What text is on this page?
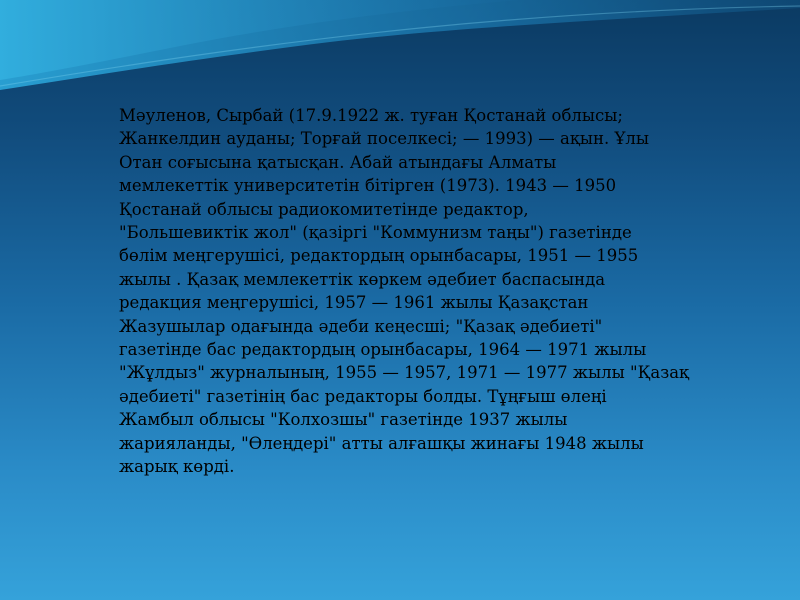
Мәуленов, Сырбай (17.9.1922 ж. туған Қостанай облысы;
Жанкелдин ауданы; Торғай поселкесі; — 1993) — ақын. Ұлы
Отан соғысына қатысқан. Абай атындағы Алматы
мемлекеттік университетін бітірген (1973). 1943 — 1950
Қостанай облысы радиокомитетінде редактор,
"Большевиктік жол" (қазіргі "Коммунизм таңы") газетінде
бөлім меңгерушісі, редактордың орынбасары, 1951 — 1955
жылы . Қазақ мемлекеттік көркем әдебиет баспасында
редакция меңгерушісі, 1957 — 1961 жылы Қазақстан
Жазушылар одағында әдеби кеңесші; "Қазақ әдебиеті"
газетінде бас редактордың орынбасары, 1964 — 1971 жылы
"Жұлдыз" журналының, 1955 — 1957, 1971 — 1977 жылы "Қазақ
әдебиеті" газетінің бас редакторы болды. Тұңғыш өлеңі
Жамбыл облысы "Колхозшы" газетінде 1937 жылы
жарияланды, "Өлеңдері" атты алғашқы жинағы 1948 жылы
жарық көрді.
